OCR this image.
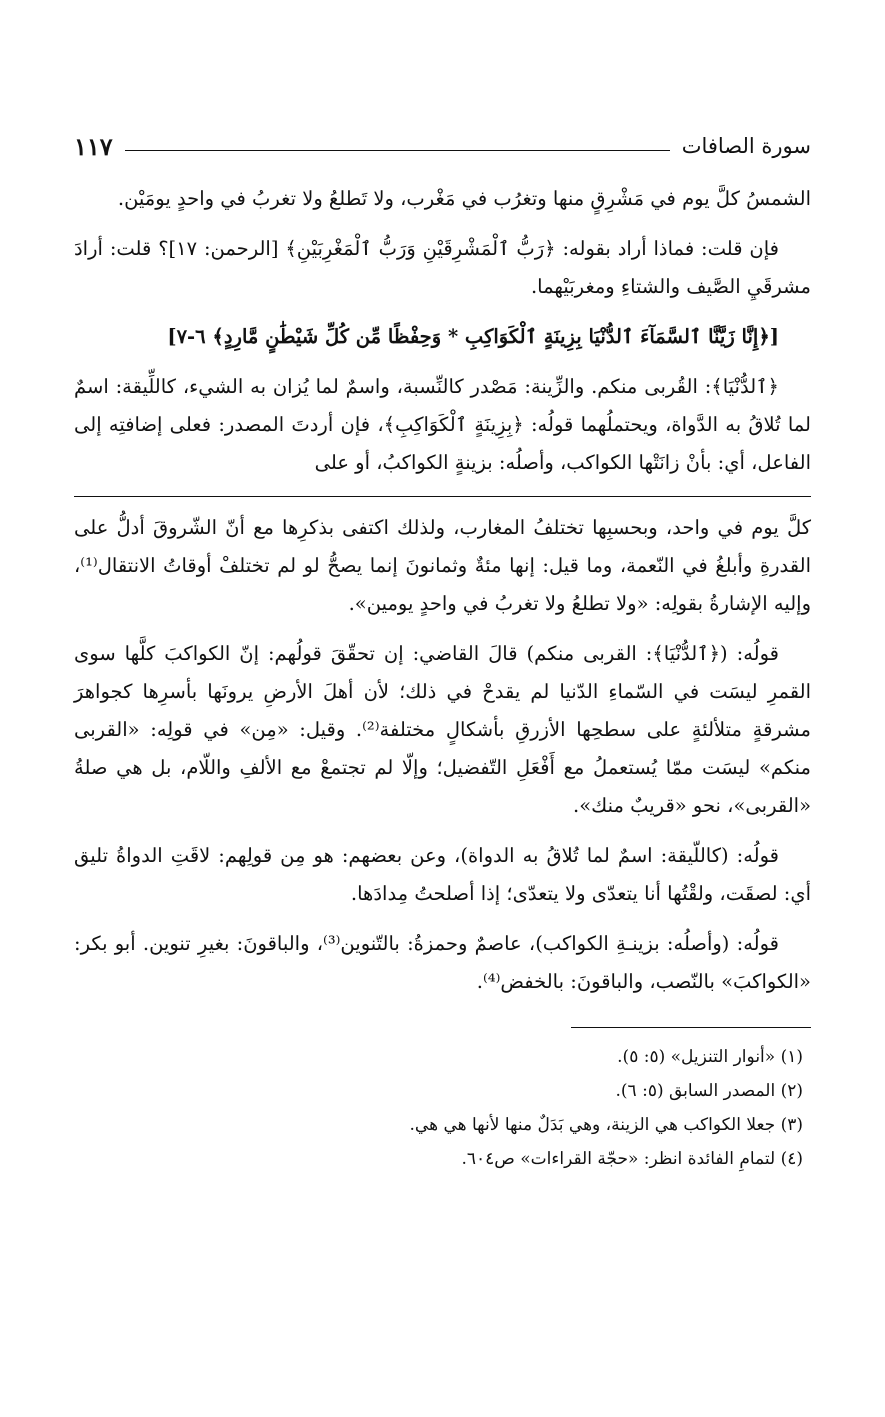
سورة الصافات
١١٧

الشمسُ كلَّ يوم في مَشْرِقٍ منها وتغرُب في مَغْرب، ولا تَطلعُ ولا تغربُ في واحدٍ يومَيْن.

فإن قلت: فماذا أراد بقوله: ﴿رَبُّ ٱلْمَشْرِقَيْنِ وَرَبُّ ٱلْمَغْرِبَيْنِ﴾ [الرحمن: ١٧]؟ قلت: أرادَ مشرقَيِ الصَّيف والشتاءِ ومغربَيْهما.

[﴿إِنَّا زَيَّنَّا ٱلسَّمَآءَ ٱلدُّنْيَا بِزِينَةٍ ٱلْكَوَاكِبِ * وَحِفْظًا مِّن كُلِّ شَيْطَٰنٍ مَّارِدٍ﴾ ٦-٧]

﴿ٱلدُّنْيَا﴾: القُربى منكم. والزِّينة: مَصْدر كالنِّسبة، واسمٌ لما يُزان به الشيء، كاللِّيقة: اسمٌ لما تُلاقُ به الدَّواة، ويحتملُهما قولُه: ﴿بِزِينَةٍ ٱلْكَوَاكِبِ﴾، فإن أردتَ المصدر: فعلى إضافتِه إلى الفاعل، أي: بأنْ زانَتْها الكواكب، وأصلُه: بزينةٍ الكواكبُ، أو على

كلَّ يوم في واحد، وبحسبِها تختلفُ المغارب، ولذلك اكتفى بذكرِها مع أنّ الشّروقَ أدلُّ على القدرةِ وأبلغُ في النّعمة، وما قيل: إنها مئةٌ وثمانونَ إنما يصحُّ لو لم تختلفْ أوقاتُ الانتقال⁽¹⁾، وإليه الإشارةُ بقولِه: «ولا تطلعُ ولا تغربُ في واحدٍ يومين».

قولُه: (﴿ٱلدُّنْيَا﴾: القربى منكم) قالَ القاضي: إن تحقّقَ قولُهم: إنّ الكواكبَ كلَّها سوى القمرِ ليسَت في السّماءِ الدّنيا لم يقدحْ في ذلك؛ لأن أهلَ الأرضِ يرونَها بأسرِها كجواهرَ مشرقةٍ متلألئةٍ على سطحِها الأزرقِ بأشكالٍ مختلفة⁽²⁾. وقيل: «مِن» في قولِه: «القربى منكم» ليسَت ممّا يُستعملُ مع أَفْعَلِ التّفضيل؛ وإلّا لم تجتمعْ مع الألفِ واللّام، بل هي صلةُ «القربى»، نحو «قريبٌ منك».

قولُه: (كاللّيقة: اسمٌ لما تُلاقُ به الدواة)، وعن بعضهم: هو مِن قولِهم: لاقَتِ الدواةُ تليق أي: لصقَت، ولقْتُها أنا يتعدّى ولا يتعدّى؛ إذا أصلحتُ مِدادَها.

قولُه: (وأصلُه: بزينـةِ الكواكب)، عاصمٌ وحمزةُ: بالتّنوين⁽³⁾، والباقونَ: بغيرِ تنوين. أبو بكر: «الكواكبَ» بالنّصب، والباقونَ: بالخفض⁽⁴⁾.

(١) «أنوار التنزيل» (٥: ٥).
(٢) المصدر السابق (٥: ٦).
(٣) جعلا الكواكب هي الزينة، وهي بَدَلٌ منها لأنها هي هي.
(٤) لتمامِ الفائدة انظر: «حجّة القراءات» ص٦٠٤.
